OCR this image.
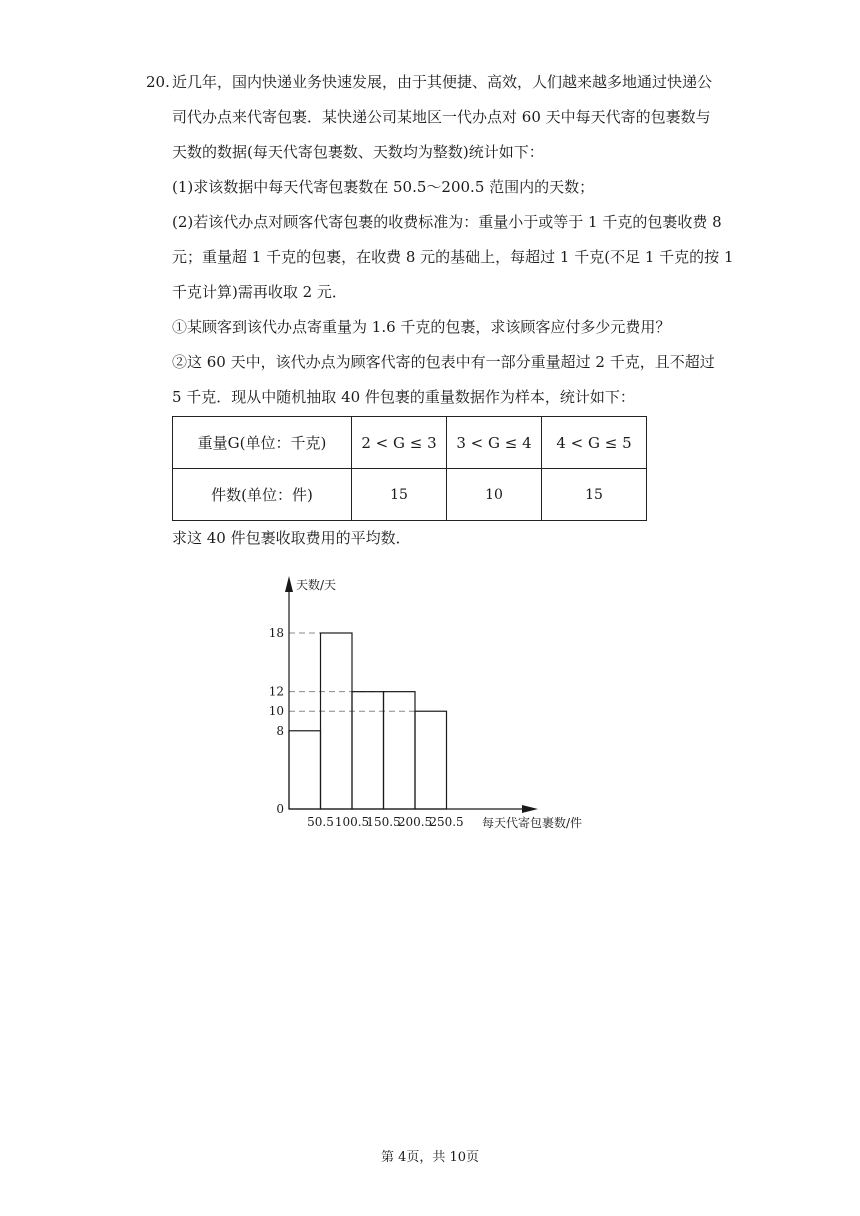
20. 近几年，国内快递业务快速发展，由于其便捷、高效，人们越来越多地通过快递公
司代办点来代寄包裹．某快递公司某地区一代办点对 60 天中每天代寄的包裹数与
天数的数据(每天代寄包裹数、天数均为整数)统计如下：
(1)求该数据中每天代寄包裹数在 50.5～200.5 范围内的天数；
(2)若该代办点对顾客代寄包裹的收费标准为：重量小于或等于 1 千克的包裹收费 8
元；重量超 1 千克的包裹，在收费 8 元的基础上，每超过 1 千克(不足 1 千克的按 1
千克计算)需再收取 2 元．
①某顾客到该代办点寄重量为 1.6 千克的包裹，求该顾客应付多少元费用？
②这 60 天中，该代办点为顾客代寄的包表中有一部分重量超过 2 千克，且不超过
5 千克．现从中随机抽取 40 件包裹的重量数据作为样本，统计如下：
重量G(单位：千克)	2 < G ≤ 3	3 < G ≤ 4	4 < G ≤ 5
件数(单位：件)	15	10	15
求这 40 件包裹收取费用的平均数．
0
8
10
12
18
50.5 100.5
150.5
200.5
250.5
天数/天
每天代寄包裹数/件
第 4页，共 10页
